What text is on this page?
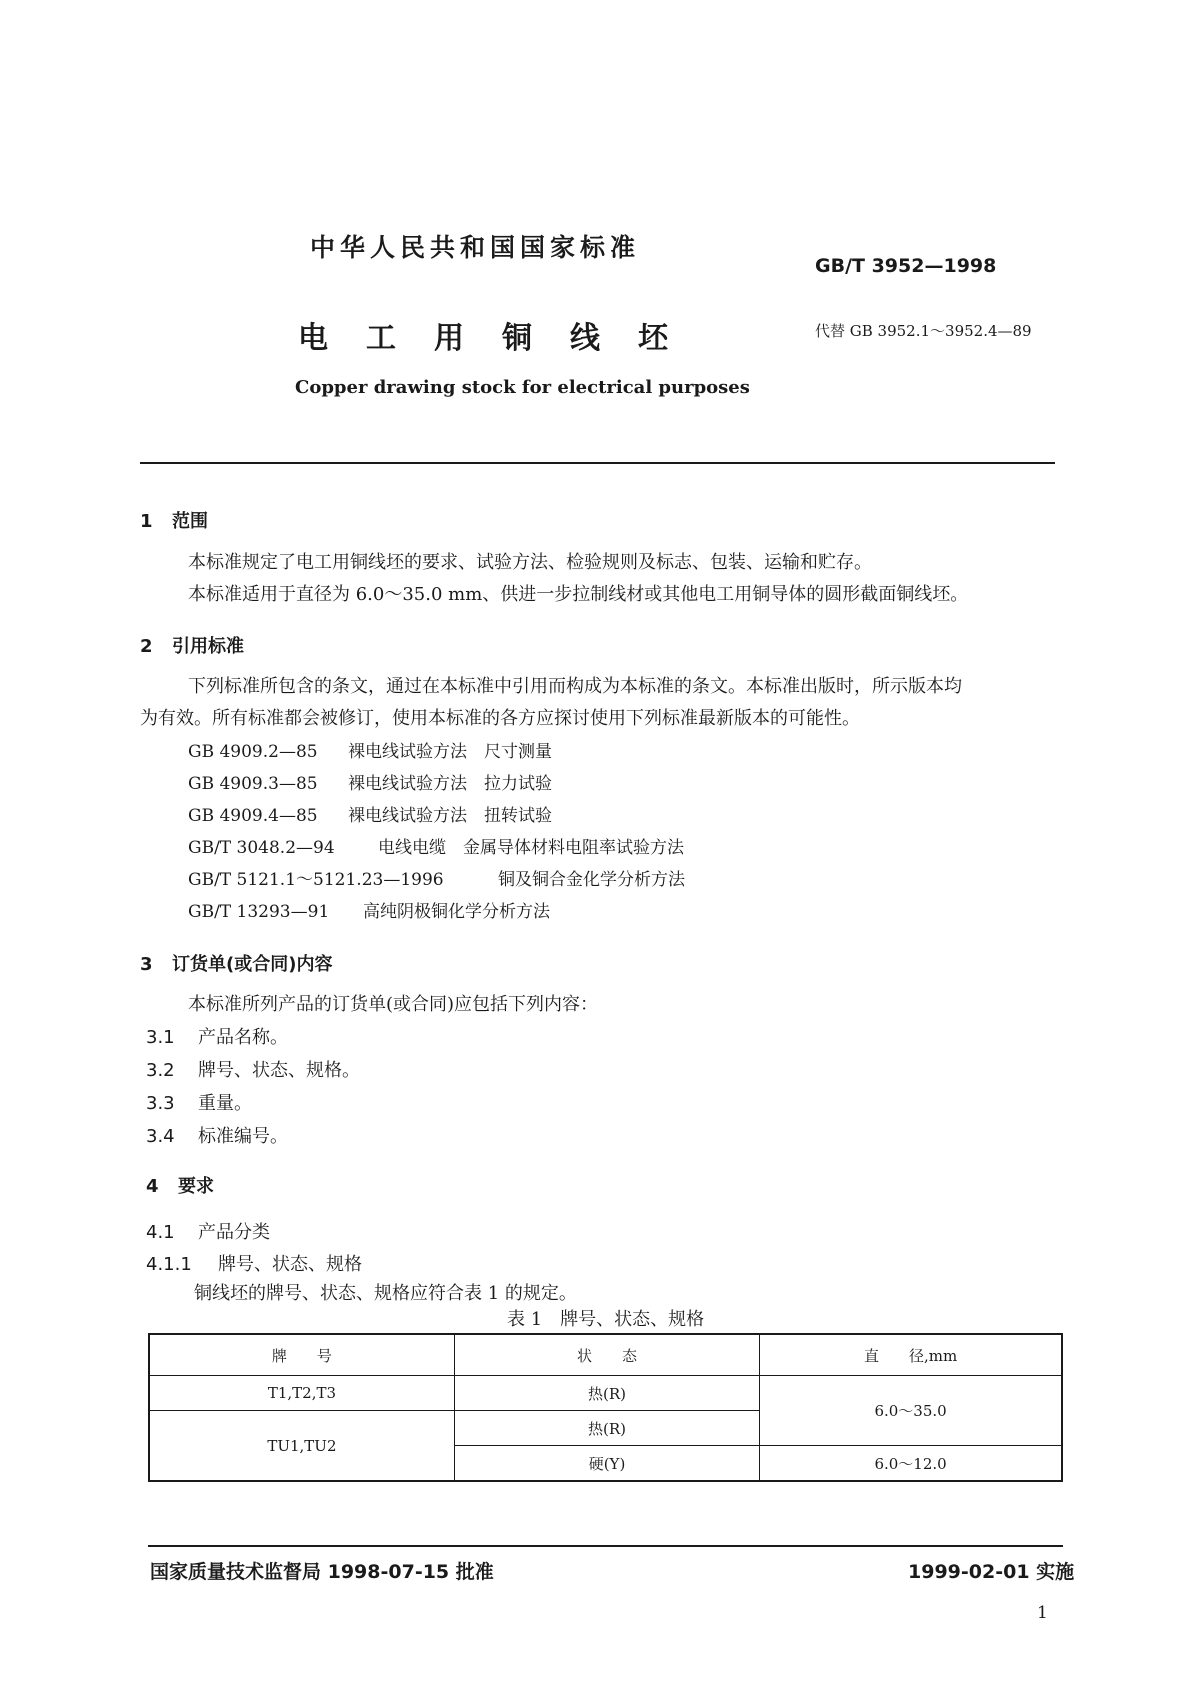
中华人民共和国国家标准
GB/T 3952—1998
电工用铜线坯	代替 GB 3952.1～3952.4—89
Copper drawing stock for electrical purposes
1 范围
本标准规定了电工用铜线坯的要求、试验方法、检验规则及标志、包装、运输和贮存。
本标准适用于直径为 6.0～35.0 mm、供进一步拉制线材或其他电工用铜导体的圆形截面铜线坯。
2 引用标准
下列标准所包含的条文，通过在本标准中引用而构成为本标准的条文。本标准出版时，所示版本均
为有效。所有标准都会被修订，使用本标准的各方应探讨使用下列标准最新版本的可能性。
GB 4909.2—85 裸电线试验方法　尺寸测量
GB 4909.3—85 裸电线试验方法　拉力试验
GB 4909.4—85 裸电线试验方法　扭转试验
GB/T 3048.2—94	电线电缆　金属导体材料电阻率试验方法
GB/T 5121.1～5121.23—1996	铜及铜合金化学分析方法
GB/T 13293—91 高纯阴极铜化学分析方法
3 订货单(或合同)内容
本标准所列产品的订货单(或合同)应包括下列内容：
3.1 产品名称。
3.2 牌号、状态、规格。
3.3 重量。
3.4 标准编号。
4 要求
4.1 产品分类
4.1.1 牌号、状态、规格
铜线坯的牌号、状态、规格应符合表 1 的规定。
表 1　牌号、状态、规格
牌　　号	状　　态	直　　径,mm
T1,T2,T3	热(R)	6.0～35.0
TU1,TU2	热(R)	
	硬(Y)	6.0～12.0
国家质量技术监督局 1998-07-15 批准	1999-02-01 实施
1
